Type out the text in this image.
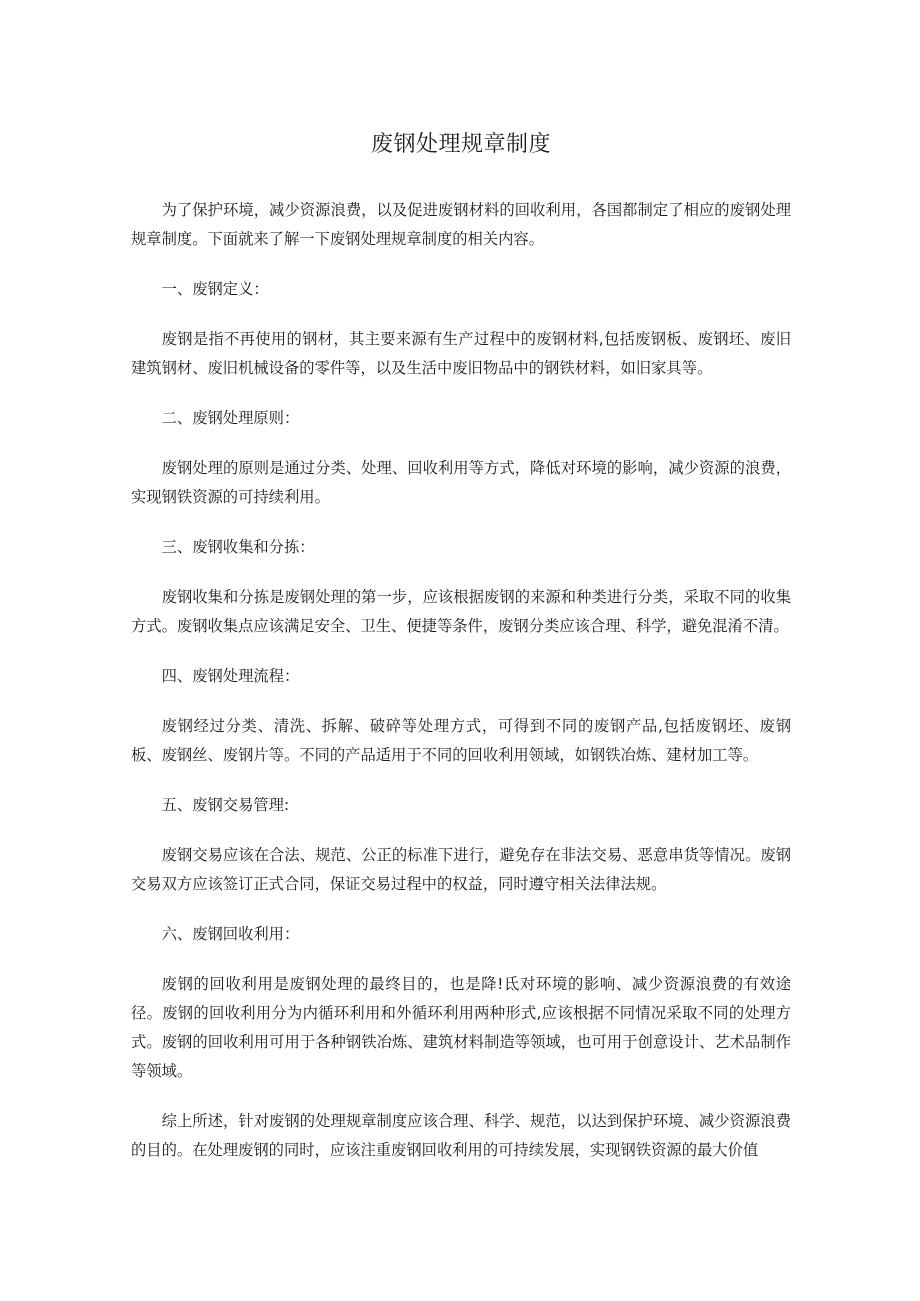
废钢处理规章制度

为了保护环境，减少资源浪费，以及促进废钢材料的回收利用，各国都制定了相应的废钢处理规章制度。下面就来了解一下废钢处理规章制度的相关内容。

一、废钢定义：

废钢是指不再使用的钢材，其主要来源有生产过程中的废钢材料,包括废钢板、废钢坯、废旧建筑钢材、废旧机械设备的零件等，以及生活中废旧物品中的钢铁材料，如旧家具等。

二、废钢处理原则：

废钢处理的原则是通过分类、处理、回收利用等方式，降低对环境的影响，减少资源的浪费，实现钢铁资源的可持续利用。

三、废钢收集和分拣：

废钢收集和分拣是废钢处理的第一步，应该根据废钢的来源和种类进行分类，采取不同的收集方式。废钢收集点应该满足安全、卫生、便捷等条件，废钢分类应该合理、科学，避免混淆不清。

四、废钢处理流程：

废钢经过分类、清洗、拆解、破碎等处理方式，可得到不同的废钢产品,包括废钢坯、废钢板、废钢丝、废钢片等。不同的产品适用于不同的回收利用领域，如钢铁冶炼、建材加工等。

五、废钢交易管理:

废钢交易应该在合法、规范、公正的标准下进行，避免存在非法交易、恶意串货等情况。废钢交易双方应该签订正式合同，保证交易过程中的权益，同时遵守相关法律法规。

六、废钢回收利用：

废钢的回收利用是废钢处理的最终目的，也是降!氐对环境的影响、减少资源浪费的有效途径。废钢的回收利用分为内循环利用和外循环利用两种形式,应该根据不同情况采取不同的处理方式。废钢的回收利用可用于各种钢铁冶炼、建筑材料制造等领域，也可用于创意设计、艺术品制作等领域。

综上所述，针对废钢的处理规章制度应该合理、科学、规范，以达到保护环境、减少资源浪费的目的。在处理废钢的同时，应该注重废钢回收利用的可持续发展，实现钢铁资源的最大价值
